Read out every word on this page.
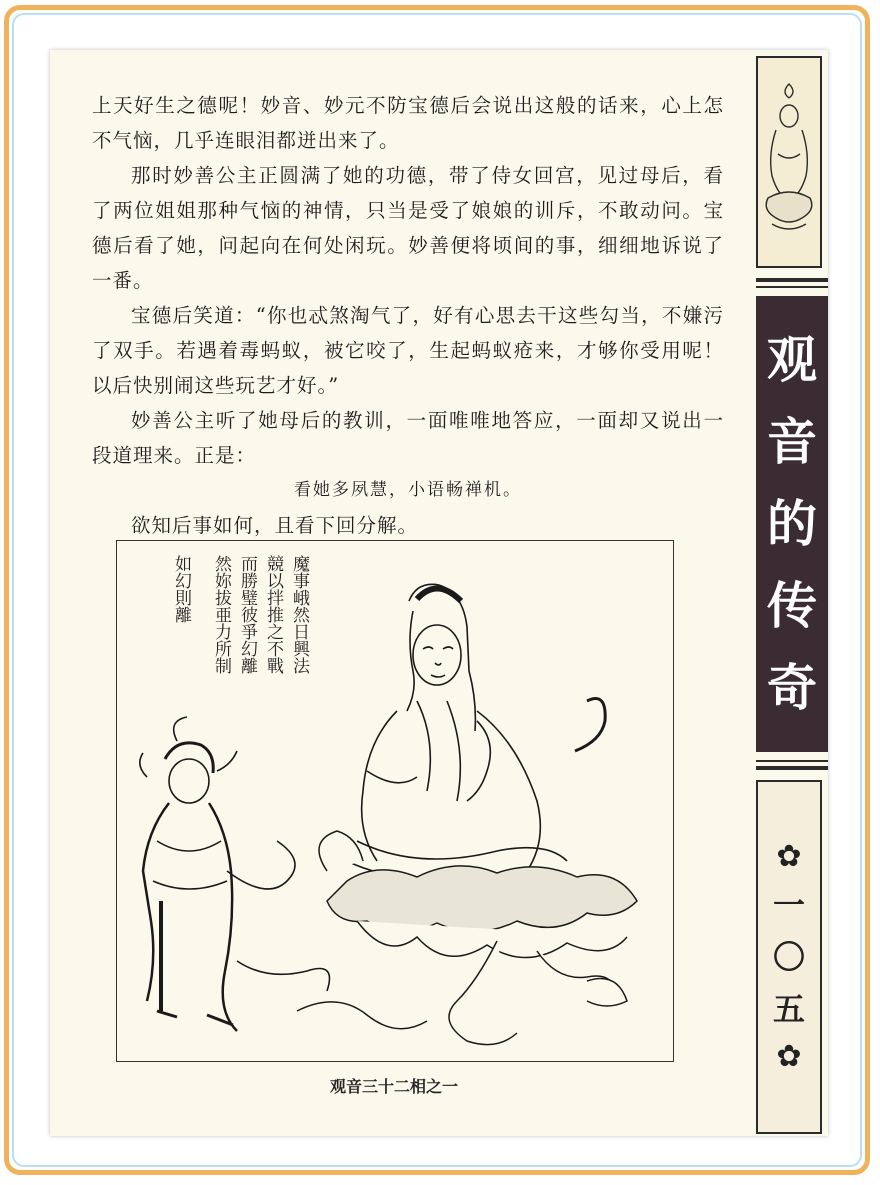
上天好生之德呢！妙音、妙元不防宝德后会说出这般的话来，心上怎不气恼，几乎连眼泪都迸出来了。

那时妙善公主正圆满了她的功德，带了侍女回宫，见过母后，看了两位姐姐那种气恼的神情，只当是受了娘娘的训斥，不敢动问。宝德后看了她，问起向在何处闲玩。妙善便将顷间的事，细细地诉说了一番。

宝德后笑道：“你也忒煞淘气了，好有心思去干这些勾当，不嫌污了双手。若遇着毒蚂蚁，被它咬了，生起蚂蚁疮来，才够你受用呢！以后快别闹这些玩艺才好。”

妙善公主听了她母后的教训，一面唯唯地答应，一面却又说出一段道理来。正是：

看她多夙慧，小语畅禅机。

欲知后事如何，且看下回分解。

魔事峨然日興法
競以拌推之不戰
而勝璧彼爭幻離
然妳拔亜力所制
如幻則離
观音三十二相之一
观
音
的
传
奇
✿
一
〇
五
✿
